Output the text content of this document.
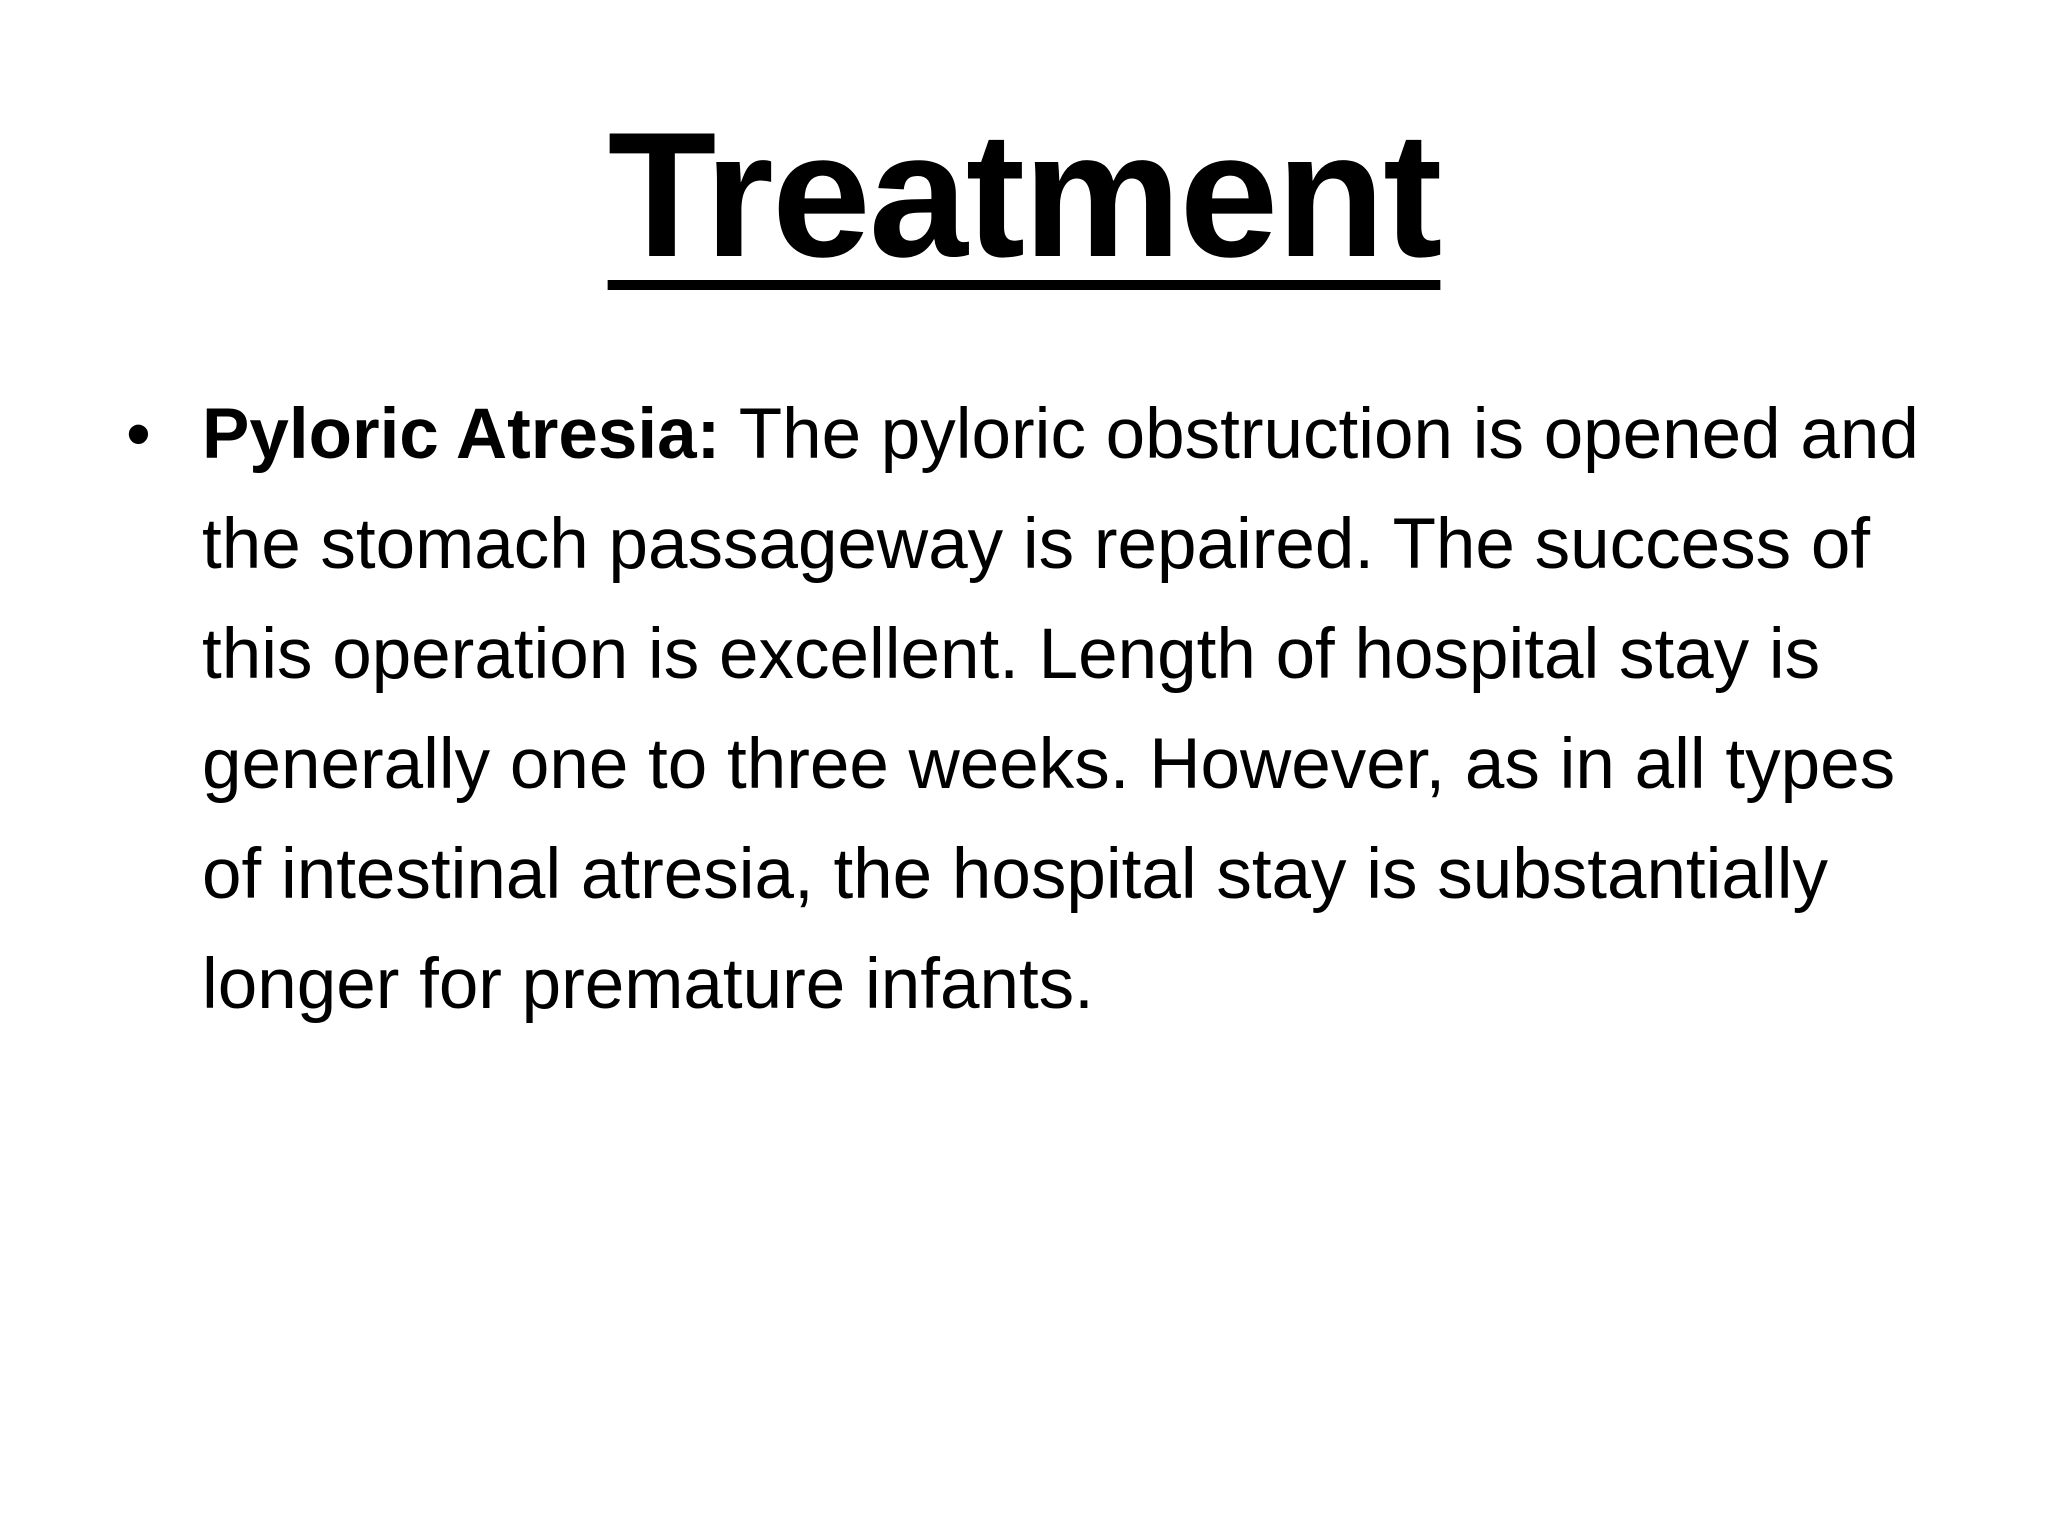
Treatment
• Pyloric Atresia: The pyloric obstruction is opened and the stomach passageway is repaired. The success of this operation is excellent. Length of hospital stay is generally one to three weeks. However, as in all types of intestinal atresia, the hospital stay is substantially longer for premature infants.
